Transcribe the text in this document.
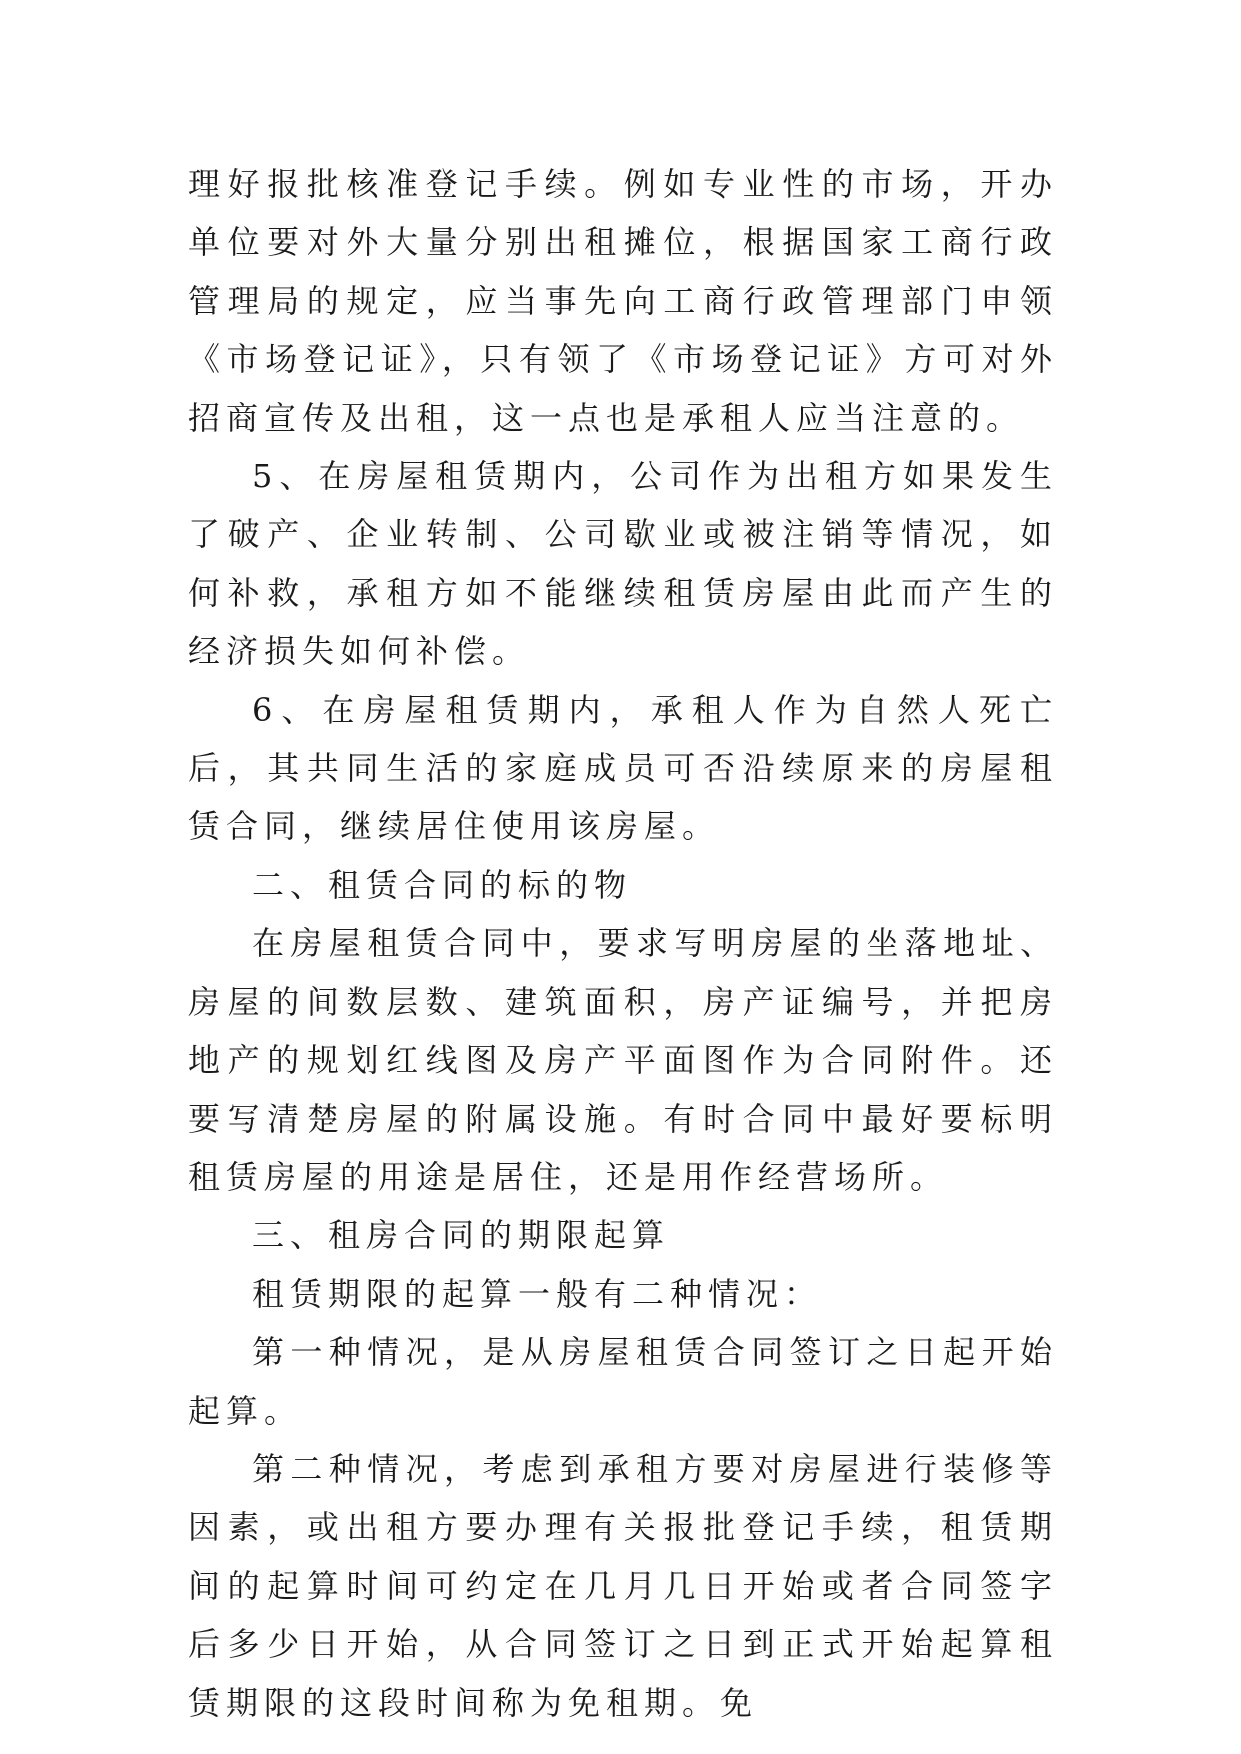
理好报批核准登记手续。例如专业性的市场，开办单位要对外大量分别出租摊位，根据国家工商行政管理局的规定，应当事先向工商行政管理部门申领《市场登记证》，只有领了《市场登记证》方可对外招商宣传及出租，这一点也是承租人应当注意的。

5、在房屋租赁期内，公司作为出租方如果发生了破产、企业转制、公司歇业或被注销等情况，如何补救，承租方如不能继续租赁房屋由此而产生的经济损失如何补偿。

6、在房屋租赁期内，承租人作为自然人死亡后，其共同生活的家庭成员可否沿续原来的房屋租赁合同，继续居住使用该房屋。

二、租赁合同的标的物

在房屋租赁合同中，要求写明房屋的坐落地址、房屋的间数层数、建筑面积，房产证编号，并把房地产的规划红线图及房产平面图作为合同附件。还要写清楚房屋的附属设施。有时合同中最好要标明租赁房屋的用途是居住，还是用作经营场所。

三、租房合同的期限起算

租赁期限的起算一般有二种情况：

第一种情况，是从房屋租赁合同签订之日起开始起算。

第二种情况，考虑到承租方要对房屋进行装修等因素，或出租方要办理有关报批登记手续，租赁期间的起算时间可约定在几月几日开始或者合同签字后多少日开始，从合同签订之日到正式开始起算租赁期限的这段时间称为免租期。免
